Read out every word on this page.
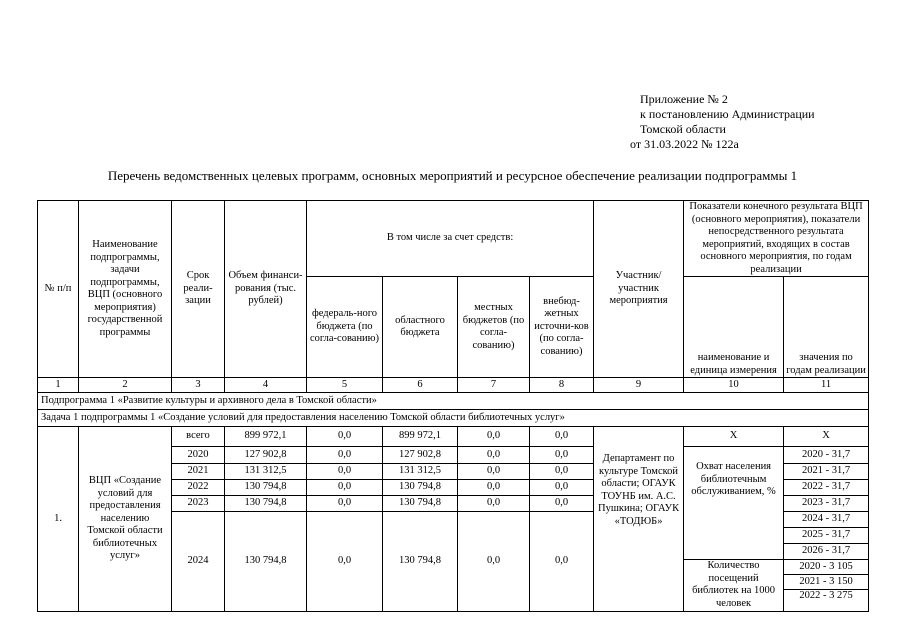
Приложение № 2
к постановлению Администрации
Томской области
от 31.03.2022 № 122а
Перечень ведомственных целевых программ, основных мероприятий и ресурсное обеспечение реализации подпрограммы 1
№ п/п	Наименование подпрограммы, задачи подпрограммы, ВЦП (основного мероприятия) государственной программы	Срок реали-зации	Объем финанси-рования (тыс. рублей)	В том числе за счет средств:				Участник/ участник мероприятия	Показатели конечного результата ВЦП (основного мероприятия), показатели непосредственного результата мероприятий, входящих в состав основного мероприятия, по годам реализации	
				федераль-ного бюджета (по согла-сованию)	областного бюджета	местных бюджетов (по согла-сованию)	внебюд-жетных источни-ков (по согла-сованию)		наименование и единица измерения	значения по годам реализации
1	2	3	4	5	6	7	8	9	10	11
Подпрограмма 1 «Развитие культуры и архивного дела в Томской области»										
Задача 1 подпрограммы 1 «Создание условий для предоставления населению Томской области библиотечных услуг»										
1.	ВЦП «Создание условий для предоставления населению Томской области библиотечных услуг»	всего	899 972,1	0,0	899 972,1	0,0	0,0	Департамент по культуре Томской области; ОГАУК ТОУНБ им. А.С. Пушкина; ОГАУК «ТОДЮБ»	Х	Х
		2020	127 902,8	0,0	127 902,8	0,0	0,0		Охват населения библиотечным обслуживанием, %	2020 - 31,7
		2021	131 312,5	0,0	131 312,5	0,0	0,0			2021 - 31,7
		2022	130 794,8	0,0	130 794,8	0,0	0,0			2022 - 31,7
		2023	130 794,8	0,0	130 794,8	0,0	0,0			2023 - 31,7
		2024	130 794,8	0,0	130 794,8	0,0	0,0			2024 - 31,7
										2025 - 31,7
										2026 - 31,7
									Количество посещений библиотек на 1000 человек	2020 - 3 105
										2021 - 3 150
										2022 - 3 275
